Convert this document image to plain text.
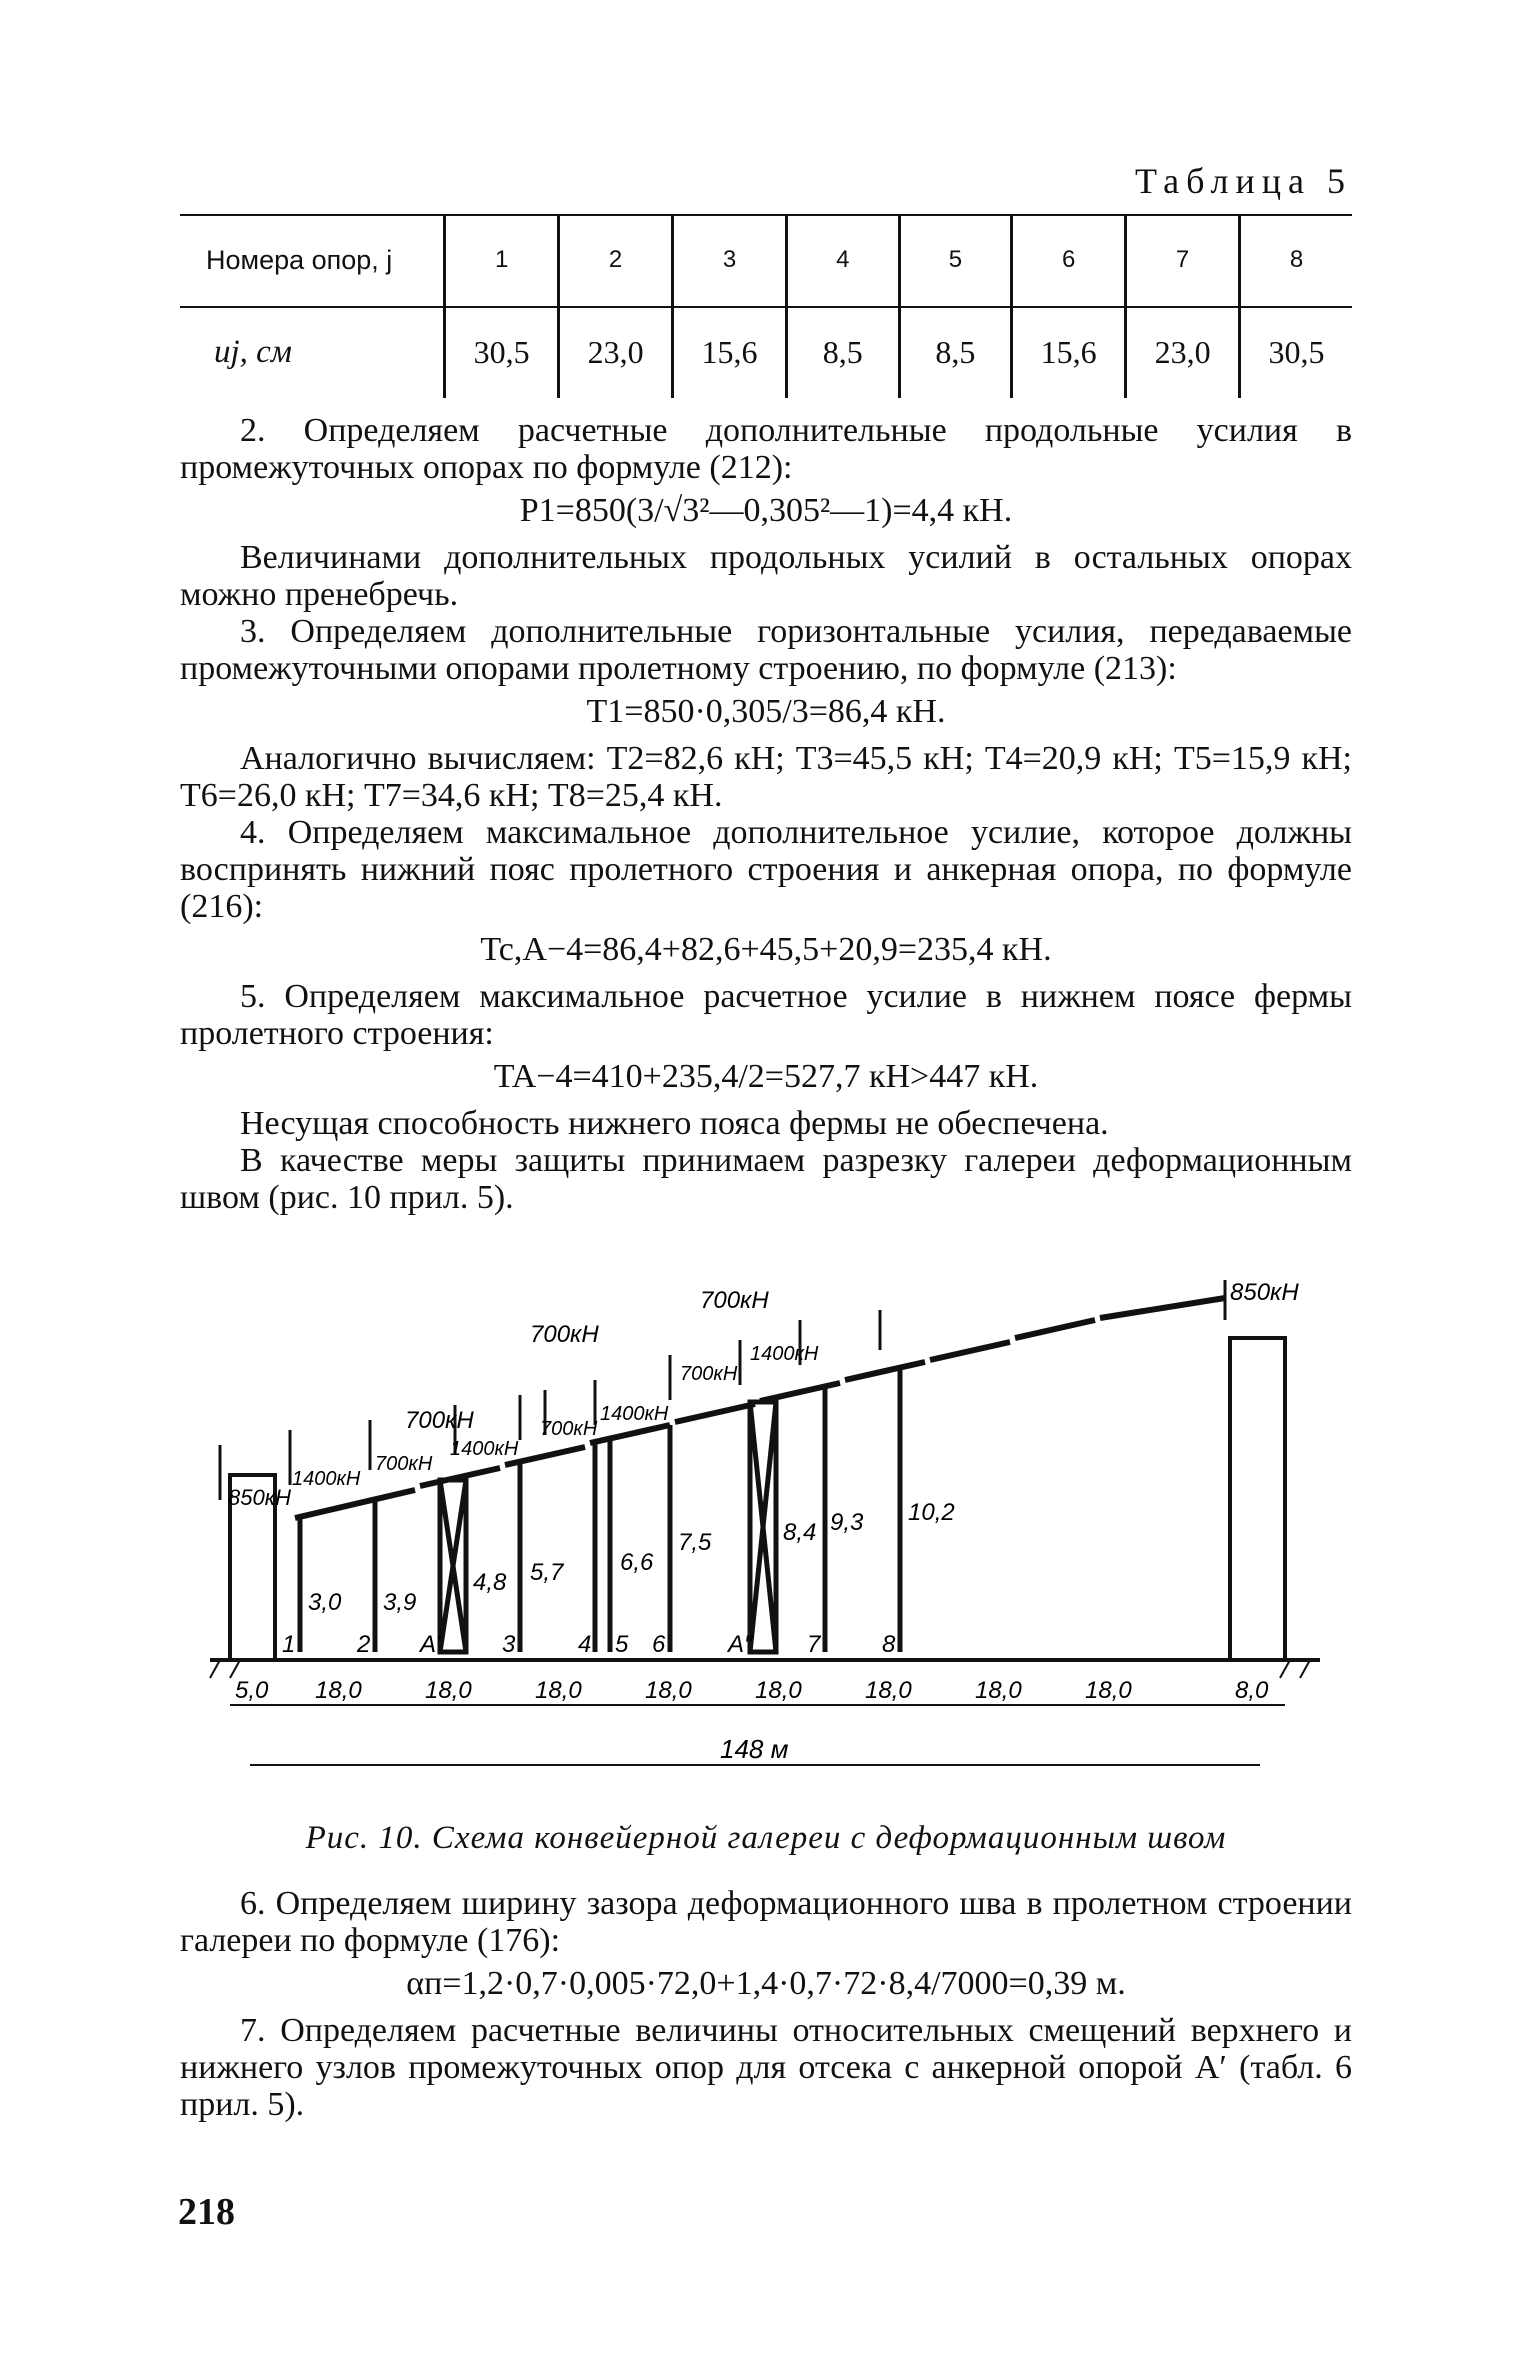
Таблица 5
Номера опор, j	1	2	3	4	5	6	7	8
uj, см	30,5	23,0	15,6	8,5	8,5	15,6	23,0	30,5

2. Определяем расчетные дополнительные продольные усилия в промежуточных опорах по формуле (212):

P1=850(3/√3²—0,305²—1)=4,4 кН.

Величинами дополнительных продольных усилий в остальных опорах можно пренебречь.

3. Определяем дополнительные горизонтальные усилия, передаваемые промежуточными опорами пролетному строению, по формуле (213):

T1=850·0,305/3=86,4 кН.

Аналогично вычисляем: T2=82,6 кН; T3=45,5 кН; T4=20,9 кН; T5=15,9 кН; T6=26,0 кН; T7=34,6 кН; T8=25,4 кН.

4. Определяем максимальное дополнительное усилие, которое должны воспринять нижний пояс пролетного строения и анкерная опора, по формуле (216):

Tc,A−4=86,4+82,6+45,5+20,9=235,4 кН.

5. Определяем максимальное расчетное усилие в нижнем поясе фермы пролетного строения:

TA−4=410+235,4/2=527,7 кН>447 кН.

Несущая способность нижнего пояса фермы не обеспечена.

В качестве меры защиты принимаем разрезку галереи деформационным швом (рис. 10 прил. 5).

850кН
1400кН
700кН
700кН
1400кН
700кН
700кН
1400кН
700кН
700кН
1400кН
850кН
3,0 3,9
4,8 5,7 6,6
7,5	8,4 9,3 10,2
1	2 A′	3	4 5 6	A″ 7	8
5,0 18,0	18,0	18,0	18,0	18,0	18,0	18,0	18,0	8,0
148 м
Рис. 10. Схема конвейерной галереи с деформационным швом

6. Определяем ширину зазора деформационного шва в пролетном строении галереи по формуле (176):

αп=1,2·0,7·0,005·72,0+1,4·0,7·72·8,4/7000=0,39 м.

7. Определяем расчетные величины относительных смещений верхнего и нижнего узлов промежуточных опор для отсека с анкерной опорой A′ (табл. 6 прил. 5).

218
